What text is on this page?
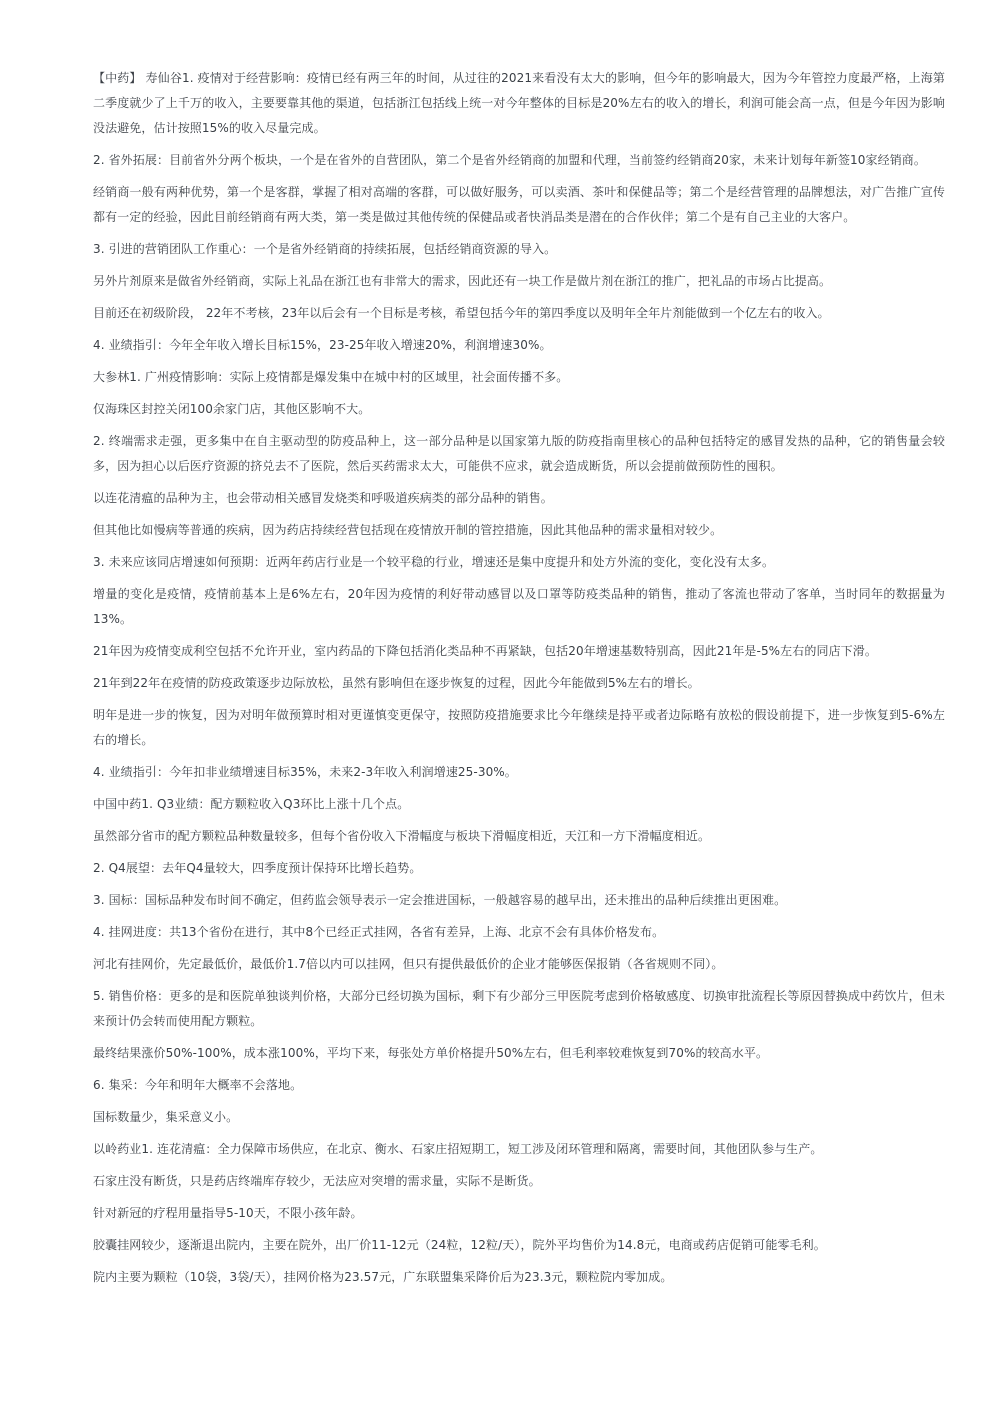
【中药】 寿仙谷1. 疫情对于经营影响：疫情已经有两三年的时间，从过往的2021来看没有太大的影响，但今年的影响最大，因为今年管控力度最严格，上海第二季度就少了上千万的收入，主要要靠其他的渠道，包括浙江包括线上统一对今年整体的目标是20%左右的收入的增长，利润可能会高一点，但是今年因为影响没法避免，估计按照15%的收入尽量完成。

2. 省外拓展：目前省外分两个板块，一个是在省外的自营团队，第二个是省外经销商的加盟和代理，当前签约经销商20家，未来计划每年新签10家经销商。

经销商一般有两种优势，第一个是客群，掌握了相对高端的客群，可以做好服务，可以卖酒、茶叶和保健品等；第二个是经营管理的品牌想法，对广告推广宣传都有一定的经验，因此目前经销商有两大类，第一类是做过其他传统的保健品或者快消品类是潜在的合作伙伴；第二个是有自己主业的大客户。

3. 引进的营销团队工作重心：一个是省外经销商的持续拓展，包括经销商资源的导入。

另外片剂原来是做省外经销商，实际上礼品在浙江也有非常大的需求，因此还有一块工作是做片剂在浙江的推广，把礼品的市场占比提高。

目前还在初级阶段， 22年不考核，23年以后会有一个目标是考核，希望包括今年的第四季度以及明年全年片剂能做到一个亿左右的收入。

4. 业绩指引：今年全年收入增长目标15%，23-25年收入增速20%，利润增速30%。

大参林1. 广州疫情影响：实际上疫情都是爆发集中在城中村的区域里，社会面传播不多。

仅海珠区封控关闭100余家门店，其他区影响不大。

2. 终端需求走强，更多集中在自主驱动型的防疫品种上，这一部分品种是以国家第九版的防疫指南里核心的品种包括特定的感冒发热的品种，它的销售量会较多，因为担心以后医疗资源的挤兑去不了医院，然后买药需求太大，可能供不应求，就会造成断货，所以会提前做预防性的囤积。

以连花清瘟的品种为主，也会带动相关感冒发烧类和呼吸道疾病类的部分品种的销售。

但其他比如慢病等普通的疾病，因为药店持续经营包括现在疫情放开制的管控措施，因此其他品种的需求量相对较少。

3. 未来应该同店增速如何预期：近两年药店行业是一个较平稳的行业，增速还是集中度提升和处方外流的变化，变化没有太多。

增量的变化是疫情，疫情前基本上是6%左右，20年因为疫情的利好带动感冒以及口罩等防疫类品种的销售，推动了客流也带动了客单，当时同年的数据量为13%。

21年因为疫情变成利空包括不允许开业，室内药品的下降包括消化类品种不再紧缺，包括20年增速基数特别高，因此21年是-5%左右的同店下滑。

21年到22年在疫情的防疫政策逐步边际放松，虽然有影响但在逐步恢复的过程，因此今年能做到5%左右的增长。

明年是进一步的恢复，因为对明年做预算时相对更谨慎变更保守，按照防疫措施要求比今年继续是持平或者边际略有放松的假设前提下，进一步恢复到5-6%左右的增长。

4. 业绩指引：今年扣非业绩增速目标35%，未来2-3年收入利润增速25-30%。

中国中药1. Q3业绩：配方颗粒收入Q3环比上涨十几个点。

虽然部分省市的配方颗粒品种数量较多，但每个省份收入下滑幅度与板块下滑幅度相近，天江和一方下滑幅度相近。

2. Q4展望：去年Q4量较大，四季度预计保持环比增长趋势。

3. 国标：国标品种发布时间不确定，但药监会领导表示一定会推进国标，一般越容易的越早出，还未推出的品种后续推出更困难。

4. 挂网进度：共13个省份在进行，其中8个已经正式挂网，各省有差异，上海、北京不会有具体价格发布。

河北有挂网价，先定最低价，最低价1.7倍以内可以挂网，但只有提供最低价的企业才能够医保报销（各省规则不同）。

5. 销售价格：更多的是和医院单独谈判价格，大部分已经切换为国标，剩下有少部分三甲医院考虑到价格敏感度、切换审批流程长等原因替换成中药饮片，但未来预计仍会转而使用配方颗粒。

最终结果涨价50%-100%，成本涨100%，平均下来，每张处方单价格提升50%左右，但毛利率较难恢复到70%的较高水平。

6. 集采：今年和明年大概率不会落地。

国标数量少，集采意义小。

以岭药业1. 连花清瘟：全力保障市场供应，在北京、衡水、石家庄招短期工，短工涉及闭环管理和隔离，需要时间，其他团队参与生产。

石家庄没有断货，只是药店终端库存较少，无法应对突增的需求量，实际不是断货。

针对新冠的疗程用量指导5-10天，不限小孩年龄。

胶囊挂网较少，逐渐退出院内，主要在院外，出厂价11-12元（24粒，12粒/天），院外平均售价为14.8元，电商或药店促销可能零毛利。

院内主要为颗粒（10袋，3袋/天），挂网价格为23.57元，广东联盟集采降价后为23.3元，颗粒院内零加成。
